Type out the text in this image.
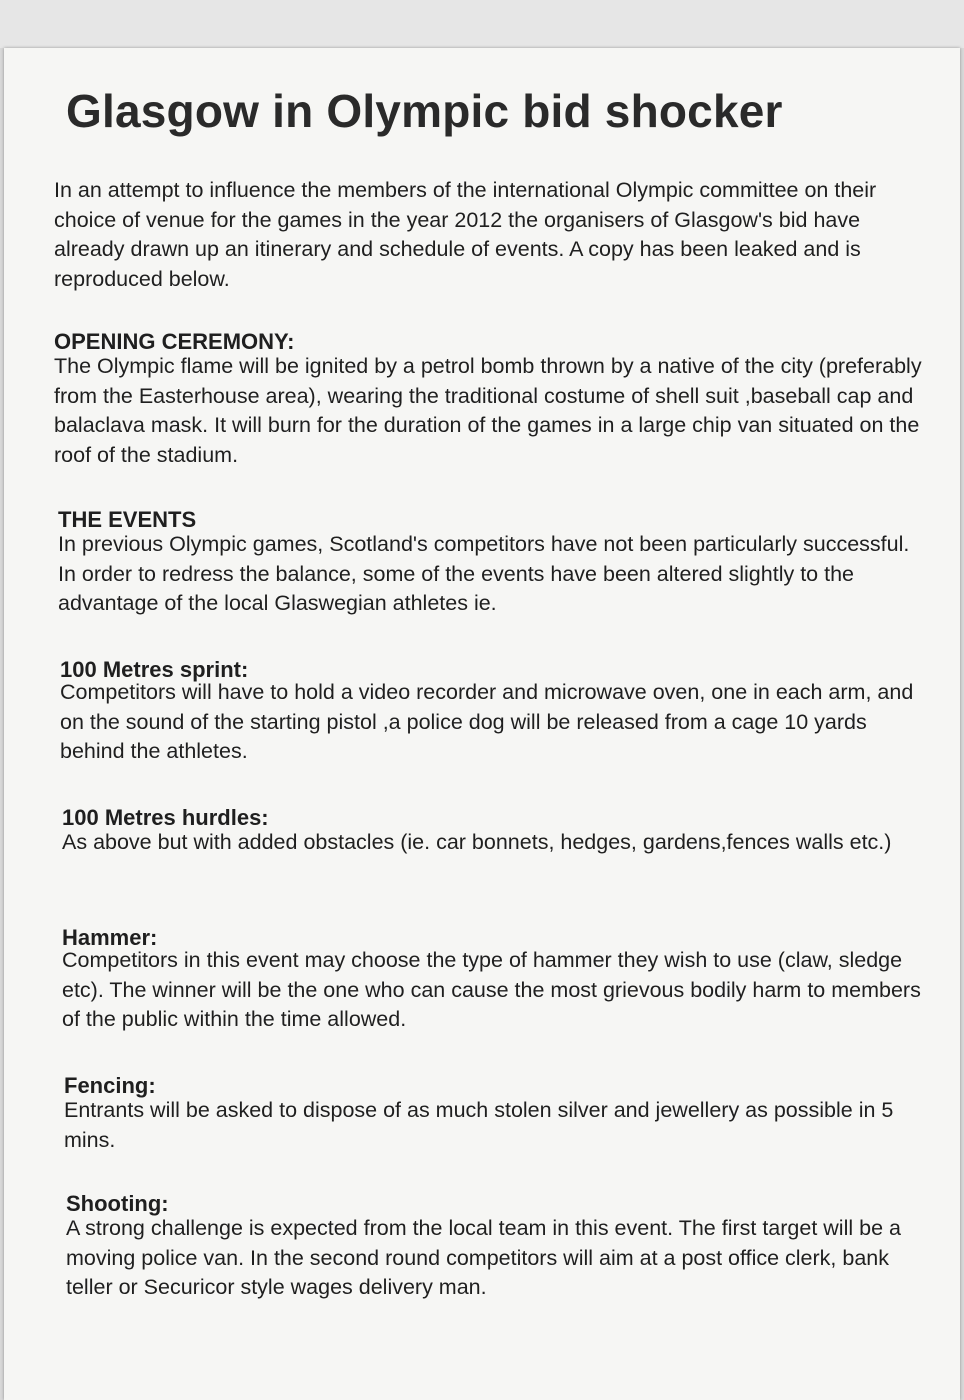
Glasgow in Olympic bid shocker

In an attempt to influence the members of the international Olympic committee on their choice of venue for the games in the year 2012 the organisers of Glasgow's bid have already drawn up an itinerary and schedule of events. A copy has been leaked and is reproduced below.

OPENING CEREMONY:

The Olympic flame will be ignited by a petrol bomb thrown by a native of the city (preferably from the Easterhouse area), wearing the traditional costume of shell suit ,baseball cap and balaclava mask. It will burn for the duration of the games in a large chip van situated on the roof of the stadium.

THE EVENTS

In previous Olympic games, Scotland's competitors have not been particularly successful. In order to redress the balance, some of the events have been altered slightly to the advantage of the local Glaswegian athletes ie.

100 Metres sprint:

Competitors will have to hold a video recorder and microwave oven, one in each arm, and on the sound of the starting pistol ,a police dog will be released from a cage 10 yards behind the athletes.

100 Metres hurdles:

As above but with added obstacles (ie. car bonnets, hedges, gardens,fences walls etc.)

Hammer:

Competitors in this event may choose the type of hammer they wish to use (claw, sledge etc). The winner will be the one who can cause the most grievous bodily harm to members of the public within the time allowed.

Fencing:

Entrants will be asked to dispose of as much stolen silver and jewellery as possible in 5 mins.

Shooting:

A strong challenge is expected from the local team in this event. The first target will be a moving police van. In the second round competitors will aim at a post office clerk, bank teller or Securicor style wages delivery man.
